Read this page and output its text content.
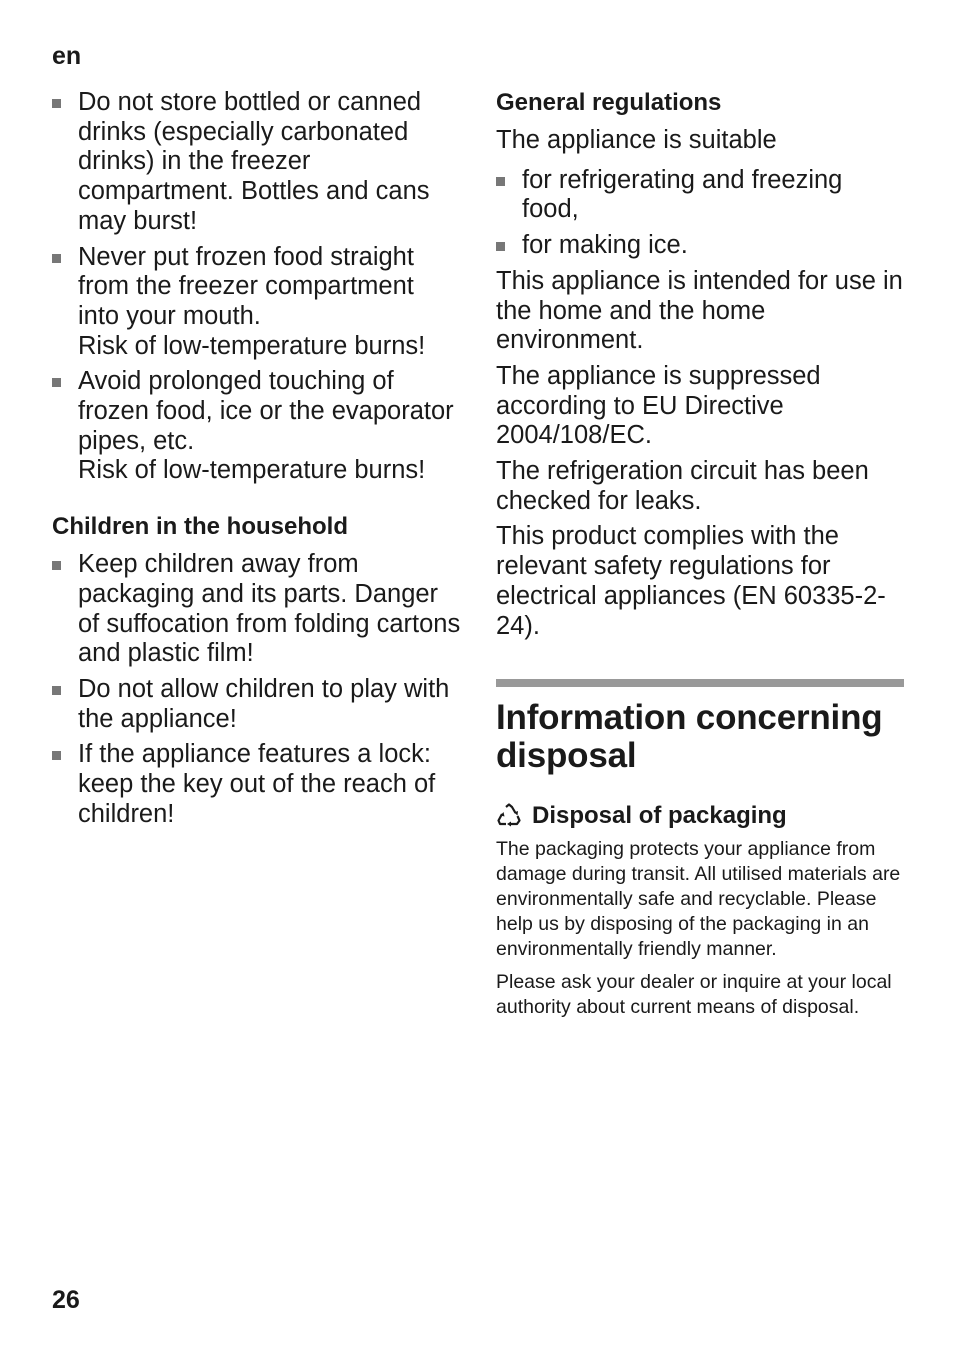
en
Do not store bottled or canned drinks (especially carbonated drinks) in the freezer compartment. Bottles and cans may burst!
Never put frozen food straight from the freezer compartment into your mouth.
Risk of low-temperature burns!
Avoid prolonged touching of frozen food, ice or the evaporator pipes, etc.
Risk of low-temperature burns!
Children in the household
Keep children away from packaging and its parts. Danger of suffocation from folding cartons and plastic film!
Do not allow children to play with the appliance!
If the appliance features a lock:
keep the key out of the reach of children!
General regulations

The appliance is suitable

for refrigerating and freezing food,
for making ice.

This appliance is intended for use in the home and the home environment.

The appliance is suppressed according to EU Directive 2004/108/EC.

The refrigeration circuit has been checked for leaks.

This product complies with the relevant safety regulations for electrical appliances (EN 60335-2-24).

Information concerning disposal
Disposal of packaging

The packaging protects your appliance from damage during transit. All utilised materials are environmentally safe and recyclable. Please help us by disposing of the packaging in an environmentally friendly manner.

Please ask your dealer or inquire at your local authority about current means of disposal.

26
